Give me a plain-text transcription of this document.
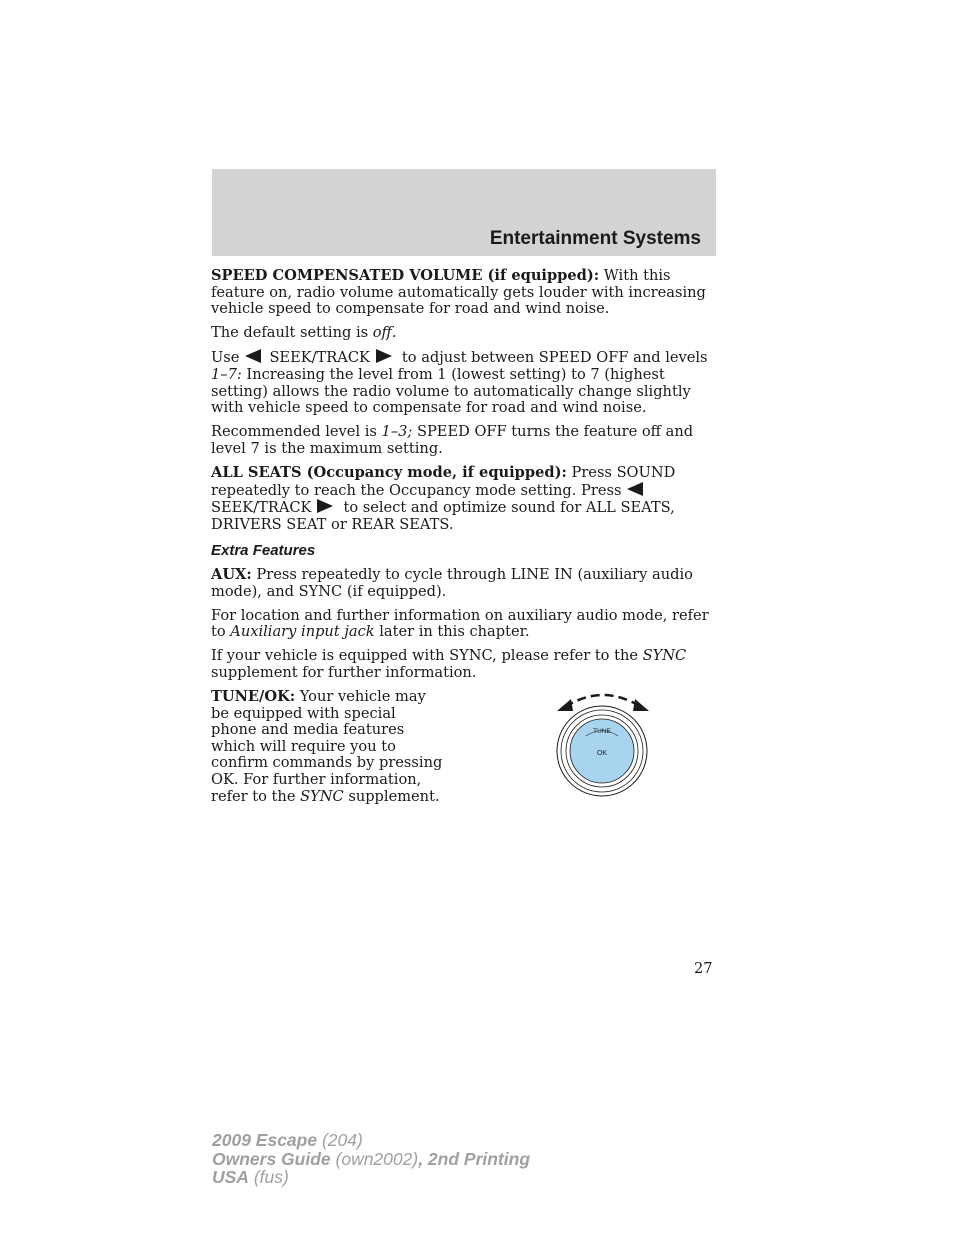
Entertainment Systems

SPEED COMPENSATED VOLUME (if equipped): With this feature on, radio volume automatically gets louder with increasing vehicle speed to compensate for road and wind noise.

The default setting is off.

Use SEEK/TRACK to adjust between SPEED OFF and levels 1–7: Increasing the level from 1 (lowest setting) to 7 (highest setting) allows the radio volume to automatically change slightly with vehicle speed to compensate for road and wind noise.

Recommended level is 1–3; SPEED OFF turns the feature off and level 7 is the maximum setting.

ALL SEATS (Occupancy mode, if equipped): Press SOUND repeatedly to reach the Occupancy mode setting. Press
SEEK/TRACK to select and optimize sound for ALL SEATS, DRIVERS SEAT or REAR SEATS.

Extra Features

AUX: Press repeatedly to cycle through LINE IN (auxiliary audio mode), and SYNC (if equipped).

For location and further information on auxiliary audio mode, refer to Auxiliary input jack later in this chapter.

If your vehicle is equipped with SYNC, please refer to the SYNC supplement for further information.

TUNE/OK: Your vehicle may be equipped with special phone and media features which will require you to confirm commands by pressing OK. For further information, refer to the SYNC supplement.

TUNE
OK
27
2009 Escape (204)
Owners Guide (own2002), 2nd Printing
USA (fus)
